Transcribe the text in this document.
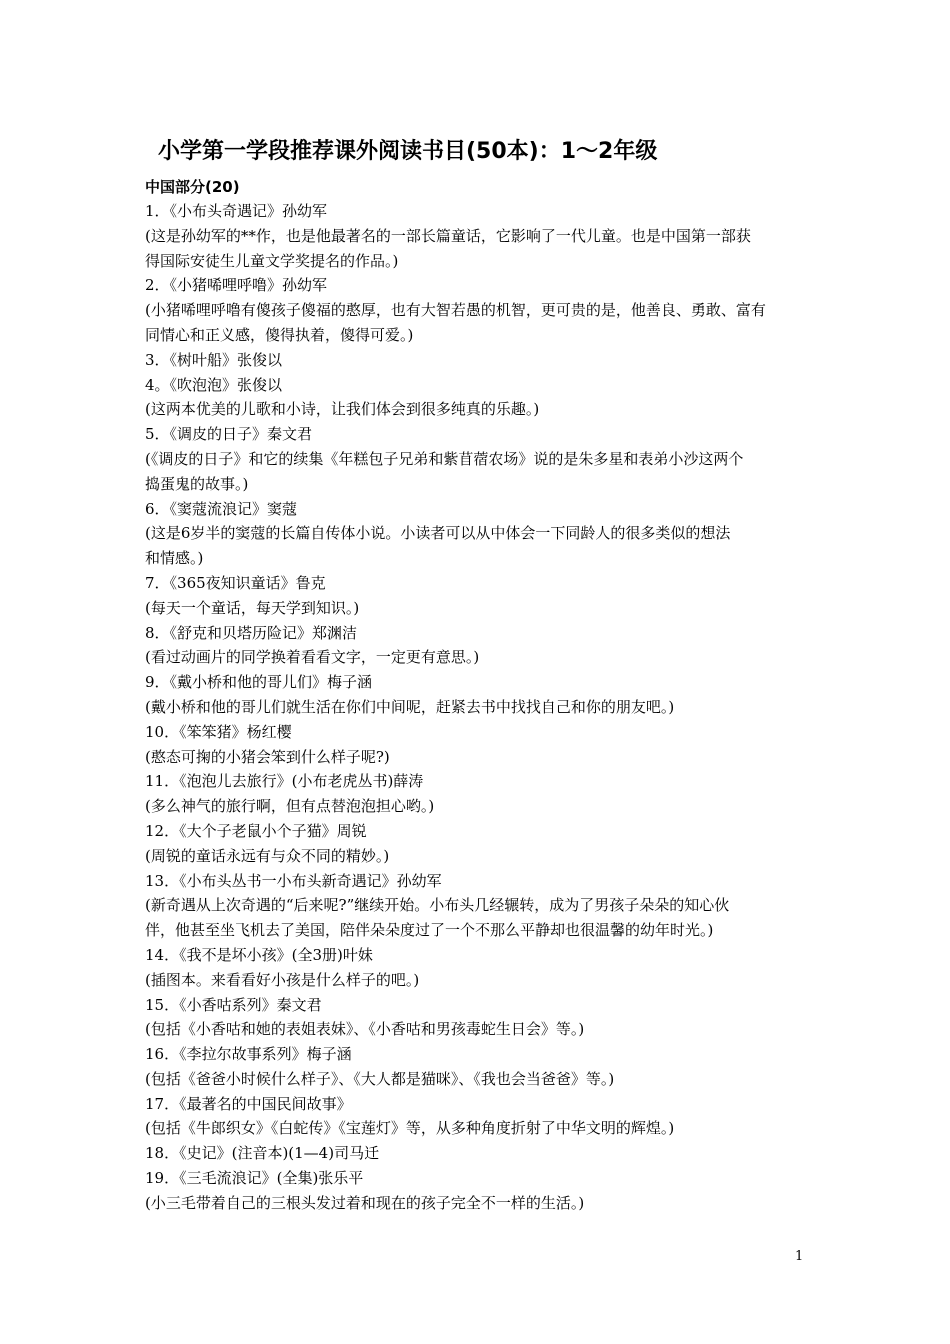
小学第一学段推荐课外阅读书目(50本)：1～2年级
中国部分(20)
1．《小布头奇遇记》孙幼军
(这是孙幼军的**作，也是他最著名的一部长篇童话，它影响了一代儿童。也是中国第一部获
得国际安徒生儿童文学奖提名的作品。)
2．《小猪唏哩呼噜》孙幼军
(小猪唏哩呼噜有傻孩子傻福的憨厚，也有大智若愚的机智，更可贵的是，他善良、勇敢、富有
同情心和正义感，傻得执着，傻得可爱。)
3．《树叶船》张俊以
4。《吹泡泡》张俊以
(这两本优美的儿歌和小诗，让我们体会到很多纯真的乐趣。)
5．《调皮的日子》秦文君
(《调皮的日子》和它的续集《年糕包子兄弟和紫苜蓿农场》说的是朱多星和表弟小沙这两个
捣蛋鬼的故事。)
6．《窦蔻流浪记》窦蔻
(这是6岁半的窦蔻的长篇自传体小说。小读者可以从中体会一下同龄人的很多类似的想法
和情感。)
7．《365夜知识童话》鲁克
(每天一个童话，每天学到知识。)
8．《舒克和贝塔历险记》郑渊洁
(看过动画片的同学换着看看文字，一定更有意思。)
9．《戴小桥和他的哥儿们》梅子涵
(戴小桥和他的哥儿们就生活在你们中间呢，赶紧去书中找找自己和你的朋友吧。)
10．《笨笨猪》杨红樱
(憨态可掬的小猪会笨到什么样子呢?)
11．《泡泡儿去旅行》(小布老虎丛书)薛涛
(多么神气的旅行啊，但有点替泡泡担心哟。)
12．《大个子老鼠小个子猫》周锐
(周锐的童话永远有与众不同的精妙。)
13．《小布头丛书一小布头新奇遇记》孙幼军
(新奇遇从上次奇遇的“后来呢?”继续开始。小布头几经辗转，成为了男孩子朵朵的知心伙
伴，他甚至坐飞机去了美国，陪伴朵朵度过了一个不那么平静却也很温馨的幼年时光。)
14．《我不是坏小孩》(全3册)叶妹
(插图本。来看看好小孩是什么样子的吧。)
15．《小香咕系列》秦文君
(包括《小香咕和她的表姐表妹》、《小香咕和男孩毒蛇生日会》等。)
16．《李拉尔故事系列》梅子涵
(包括《爸爸小时候什么样子》、《大人都是猫咪》、《我也会当爸爸》等。)
17．《最著名的中国民间故事》
(包括《牛郎织女》《白蛇传》《宝莲灯》等，从多种角度折射了中华文明的辉煌。)
18．《史记》(注音本)(1—4)司马迁
19．《三毛流浪记》(全集)张乐平
(小三毛带着自己的三根头发过着和现在的孩子完全不一样的生活。)
1
